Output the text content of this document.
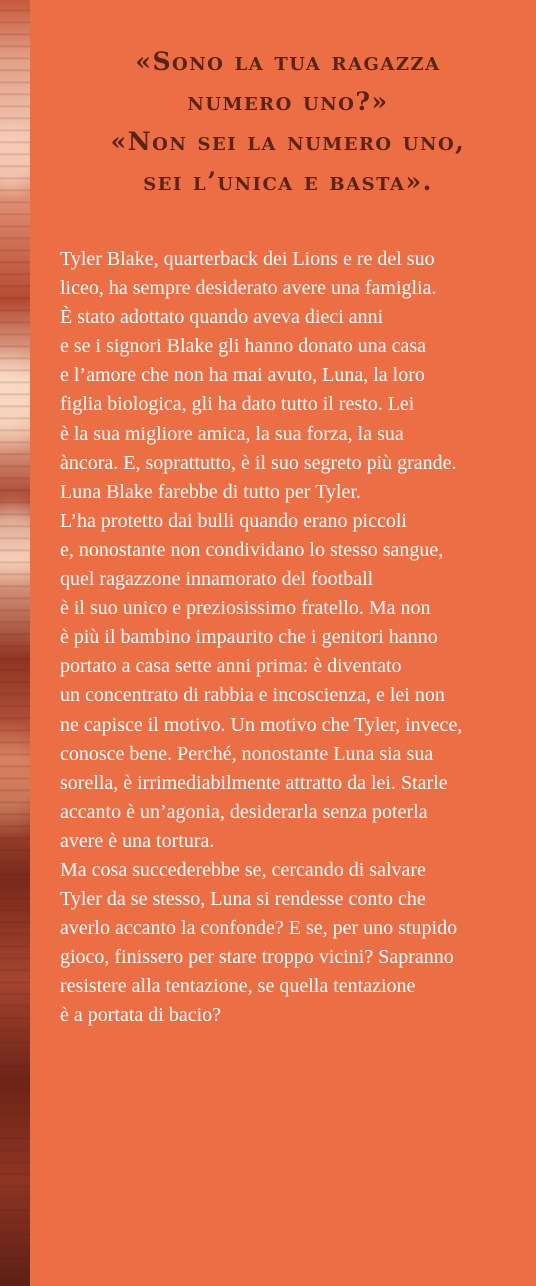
«Sono la tua ragazza
numero uno?»
«Non sei la numero uno,
sei l’unica e basta».
Tyler Blake, quarterback dei Lions e re del suo
liceo, ha sempre desiderato avere una famiglia.
È stato adottato quando aveva dieci anni
e se i signori Blake gli hanno donato una casa
e l’amore che non ha mai avuto, Luna, la loro
figlia biologica, gli ha dato tutto il resto. Lei
è la sua migliore amica, la sua forza, la sua
àncora. E, soprattutto, è il suo segreto più grande.
Luna Blake farebbe di tutto per Tyler.
L’ha protetto dai bulli quando erano piccoli
e, nonostante non condividano lo stesso sangue,
quel ragazzone innamorato del football
è il suo unico e preziosissimo fratello. Ma non
è più il bambino impaurito che i genitori hanno
portato a casa sette anni prima: è diventato
un concentrato di rabbia e incoscienza, e lei non
ne capisce il motivo. Un motivo che Tyler, invece,
conosce bene. Perché, nonostante Luna sia sua
sorella, è irrimediabilmente attratto da lei. Starle
accanto è un’agonia, desiderarla senza poterla
avere è una tortura.
Ma cosa succederebbe se, cercando di salvare
Tyler da se stesso, Luna si rendesse conto che
averlo accanto la confonde? E se, per uno stupido
gioco, finissero per stare troppo vicini? Sapranno
resistere alla tentazione, se quella tentazione
è a portata di bacio?
